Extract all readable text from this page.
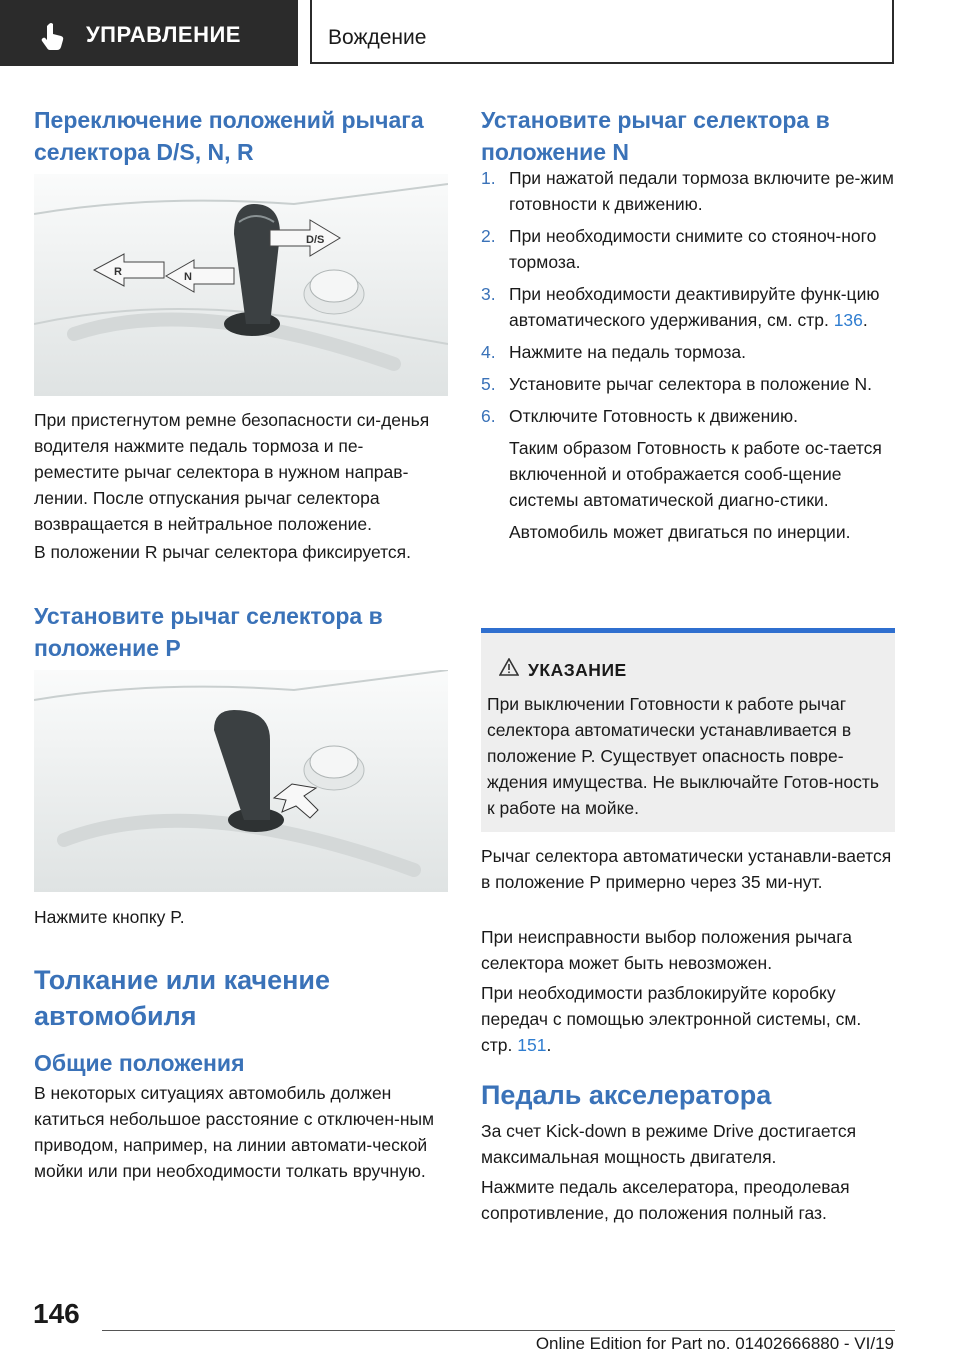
УПРАВЛЕНИЕ	Вождение
Переключение положений рычага селектора D/S, N, R
R	N
D/S

При пристегнутом ремне безопасности си-денья водителя нажмите педаль тормоза и пе-реместите рычаг селектора в нужном направ-лении. После отпускания рычаг селектора возвращается в нейтральное положение.

В положении R рычаг селектора фиксируется.

Установите рычаг селектора в положение P

Нажмите кнопку P.

Толкание или качение автомобиля
Общие положения

В некоторых ситуациях автомобиль должен катиться небольшое расстояние с отключен-ным приводом, например, на линии автомати-ческой мойки или при необходимости толкать вручную.

Установите рычаг селектора в положение N
1. При нажатой педали тормоза включите ре-жим готовности к движению.
2. При необходимости снимите со стояноч-ного тормоза.
3. При необходимости деактивируйте функ-цию автоматического удерживания, см. стр. 136.
4. Нажмите на педаль тормоза.
5. Установите рычаг селектора в положение N.
6. Отключите Готовность к движению.
Таким образом Готовность к работе ос-тается включенной и отображается сооб-щение системы автоматической диагно-стики.
Автомобиль может двигаться по инерции.
УКАЗАНИЕ
При выключении Готовности к работе рычаг селектора автоматически устанавливается в положение P. Существует опасность повре-ждения имущества. Не выключайте Готов-ность к работе на мойке.

Рычаг селектора автоматически устанавли-вается в положение P примерно через 35 ми-нут.

При неисправности выбор положения рычага селектора может быть невозможен.

При необходимости разблокируйте коробку передач с помощью электронной системы, см. стр. 151.

Педаль акселератора

За счет Kick-down в режиме Drive достигается максимальная мощность двигателя.

Нажмите педаль акселератора, преодолевая сопротивление, до положения полный газ.

146
Online Edition for Part no. 01402666880 - VI/19
